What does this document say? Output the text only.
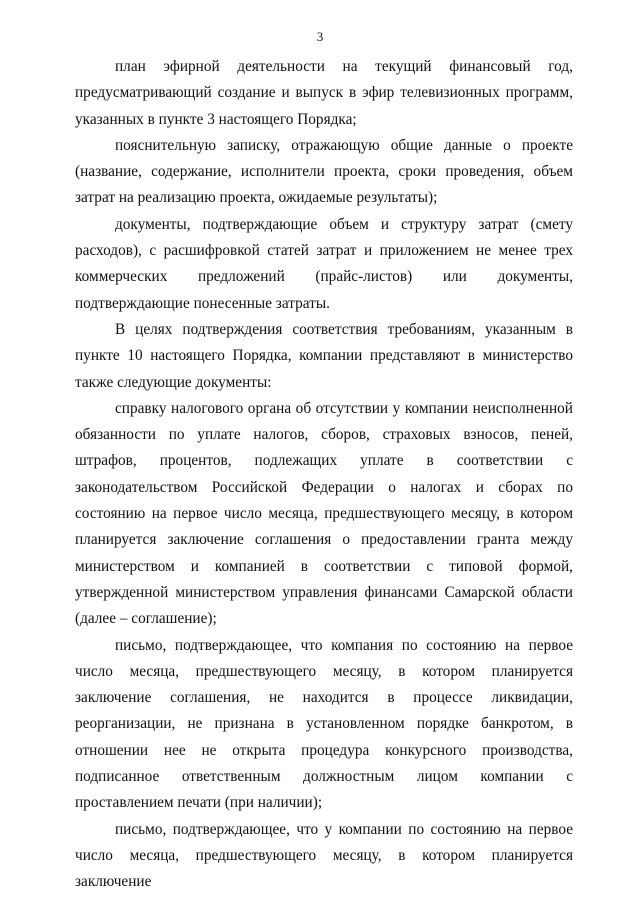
3

план эфирной деятельности на текущий финансовый год, предусматривающий создание и выпуск в эфир телевизионных программ, указанных в пункте 3 настоящего Порядка;

пояснительную записку, отражающую общие данные о проекте (название, содержание, исполнители проекта, сроки проведения, объем затрат на реализацию проекта, ожидаемые результаты);

документы, подтверждающие объем и структуру затрат (смету расходов), с расшифровкой статей затрат и приложением не менее трех коммерческих предложений (прайс-листов) или документы, подтверждающие понесенные затраты.

В целях подтверждения соответствия требованиям, указанным в пункте 10 настоящего Порядка, компании представляют в министерство также следующие документы:

справку налогового органа об отсутствии у компании неисполненной обязанности по уплате налогов, сборов, страховых взносов, пеней, штрафов, процентов, подлежащих уплате в соответствии с законодательством Российской Федерации о налогах и сборах по состоянию на первое число месяца, предшествующего месяцу, в котором планируется заключение соглашения о предоставлении гранта между министерством и компанией в соответствии с типовой формой, утвержденной министерством управления финансами Самарской области (далее – соглашение);

письмо, подтверждающее, что компания по состоянию на первое число месяца, предшествующего месяцу, в котором планируется заключение соглашения, не находится в процессе ликвидации, реорганизации, не признана в установленном порядке банкротом, в отношении нее не открыта процедура конкурсного производства, подписанное ответственным должностным лицом компании с проставлением печати (при наличии);

письмо, подтверждающее, что у компании по состоянию на первое число месяца, предшествующего месяцу, в котором планируется заключение
